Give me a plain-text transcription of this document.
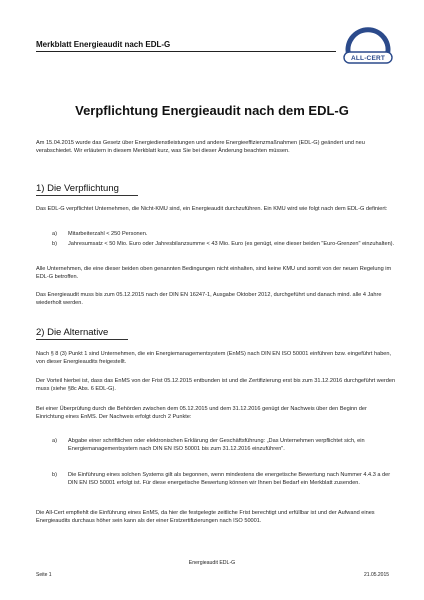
Merkblatt Energieaudit nach EDL-G
ALL-CERT
Verpflichtung Energieaudit nach dem EDL-G
Am 15.04.2015 wurde das Gesetz über Energiedienstleistungen und andere Energieeffizienzmaßnahmen (EDL-G) geändert und neu verabschiedet. Wir erläutern in diesem Merkblatt kurz, was Sie bei dieser Änderung beachten müssen.
1) Die Verpflichtung
Das EDL-G verpflichtet Unternehmen, die Nicht-KMU sind, ein Energieaudit durchzuführen. Ein KMU wird wie folgt nach dem EDL-G definiert:
a) Mitarbeiterzahl < 250 Personen.
b) Jahresumsatz < 50 Mio. Euro oder Jahresbilanzsumme < 43 Mio. Euro (es genügt, eine dieser beiden "Euro-Grenzen" einzuhalten).
Alle Unternehmen, die eine dieser beiden oben genannten Bedingungen nicht einhalten, sind keine KMU und somit von der neuen Regelung im EDL-G betroffen.
Das Energieaudit muss bis zum 05.12.2015 nach der DIN EN 16247-1, Ausgabe Oktober 2012, durchgeführt und danach mind. alle 4 Jahre wiederholt werden.
2) Die Alternative
Nach § 8 (3) Punkt 1 sind Unternehmen, die ein Energiemanagementsystem (EnMS) nach DIN EN ISO 50001 einführen bzw. eingeführt haben, von dieser Energieaudits freigestellt.
Der Vorteil hierbei ist, dass das EnMS von der Frist 05.12.2015 entbunden ist und die Zertifizierung erst bis zum 31.12.2016 durchgeführt werden muss (siehe §8c Abs. 6 EDL-G).
Bei einer Überprüfung durch die Behörden zwischen dem 05.12.2015 und dem 31.12.2016 genügt der Nachweis über den Beginn der Einrichtung eines EnMS. Der Nachweis erfolgt durch 2 Punkte:
a) Abgabe einer schriftlichen oder elektronischen Erklärung der Geschäftsführung: „Das Unternehmen verpflichtet sich, ein Energiemanagementsystem nach DIN EN ISO 50001 bis zum 31.12.2016 einzuführen".
b) Die Einführung eines solchen Systems gilt als begonnen, wenn mindestens die energetische Bewertung nach Nummer 4.4.3 a der DIN EN ISO 50001 erfolgt ist. Für diese energetische Bewertung können wir Ihnen bei Bedarf ein Merkblatt zusenden.
Die All-Cert empfiehlt die Einführung eines EnMS, da hier die festgelegte zeitliche Frist berechtigt und erfüllbar ist und der Aufwand eines Energieaudits durchaus höher sein kann als der einer Erstzertifizierungen nach ISO 50001.
Energieaudit EDL-G
Seite 1	21.05.2015
